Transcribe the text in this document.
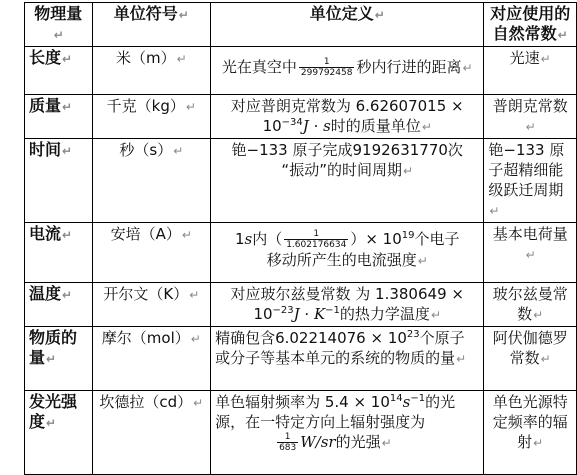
物理量↵	单位符号↵	单位定义↵	对应使用的自然常数↵
长度↵	米（m）↵	光在真空中 $\frac{1}{299792458}$ 秒内行进的距离↵	光速↵
质量↵	千克（kg）↵	对应普朗克常数为 6.62607015 ×
$10^{-34}J \cdot s$时的质量单位↵	普朗克常数↵
时间↵	秒（s）↵	铯−133 原子完成9192631770次
“振动”的时间周期↵	铯−133 原子超精细能级跃迁周期↵
电流↵	安培（A）↵	1s内（ $\frac{1}{1.602176634}$ ）× $10^{19}$个电子
移动所产生的电流强度↵	基本电荷量↵
温度↵	开尔文（K）↵	对应玻尔兹曼常数 为 1.380649 ×
$10^{-23}J \cdot K^{-1}$的热力学温度↵	玻尔兹曼常数↵
物质的量↵	摩尔（mol）↵	精确包含$6.02214076 \times 10^{23}$个原子
或分子等基本单元的系统的物质的量↵	阿伏伽德罗常数↵
发光强度↵	坎德拉（cd）↵	单色辐射频率为 $5.4 \times 10^{14}s^{-1}$的光
源，在一特定方向上辐射强度为
$\frac{1}{683} W/sr$的光强↵	单色光源特定频率的辐射↵
